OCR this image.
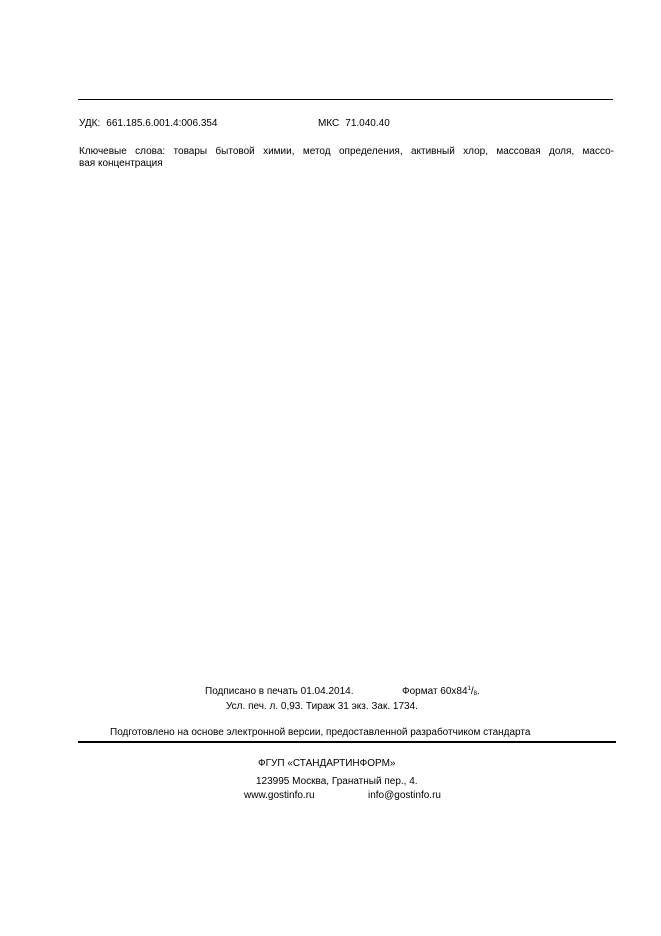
УДК: 661.185.6.001.4:006.354	МКС 71.040.40
Ключевые слова: товары бытовой химии, метод определения, активный хлор, массовая доля, массо-
вая концентрация
Подписано в печать 01.04.2014.	Формат $60х84^1/_8$.
Усл. печ. л. 0,93. Тираж 31 экз. Зак. 1734.
Подготовлено на основе электронной версии, предоставленной разработчиком стандарта
ФГУП «СТАНДАРТИНФОРМ»
123995 Москва, Гранатный пер., 4.
www.gostinfo.ru	info@gostinfo.ru
